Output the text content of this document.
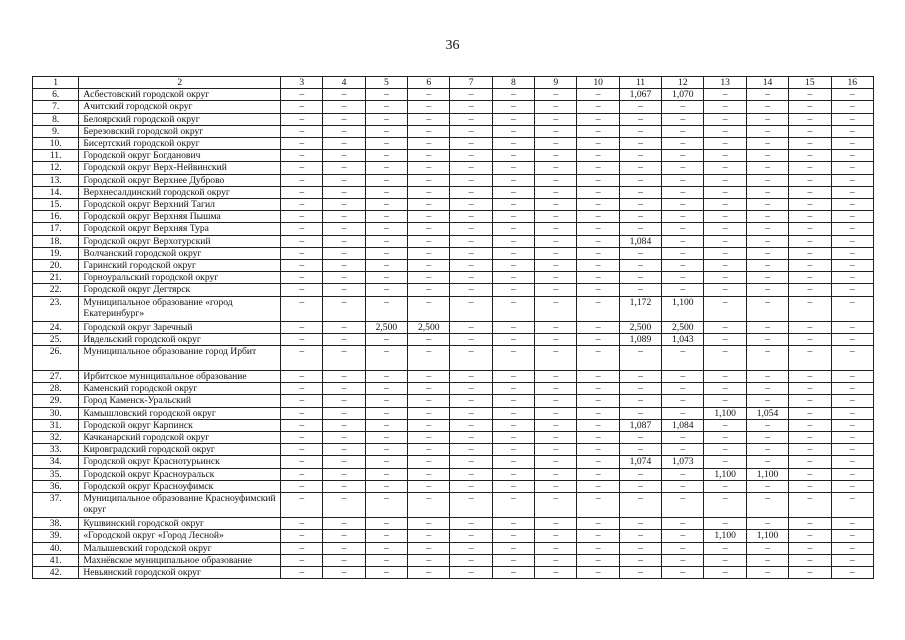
36
1	2	3	4	5	6	7	8	9	10	11	12	13	14	15	16
6.	Асбестовский городской округ	–	–	–	–	–	–	–	–	1,067	1,070	–	–	–	–
7.	Ачитский городской округ	–	–	–	–	–	–	–	–	–	–	–	–	–	–
8.	Белоярский городской округ	–	–	–	–	–	–	–	–	–	–	–	–	–	–
9.	Березовский городской округ	–	–	–	–	–	–	–	–	–	–	–	–	–	–
10.	Бисертский городской округ	–	–	–	–	–	–	–	–	–	–	–	–	–	–
11.	Городской округ Богданович	–	–	–	–	–	–	–	–	–	–	–	–	–	–
12.	Городской округ Верх-Нейвинский	–	–	–	–	–	–	–	–	–	–	–	–	–	–
13.	Городской округ Верхнее Дуброво	–	–	–	–	–	–	–	–	–	–	–	–	–	–
14.	Верхнесалдинский городской округ	–	–	–	–	–	–	–	–	–	–	–	–	–	–
15.	Городской округ Верхний Тагил	–	–	–	–	–	–	–	–	–	–	–	–	–	–
16.	Городской округ Верхняя Пышма	–	–	–	–	–	–	–	–	–	–	–	–	–	–
17.	Городской округ Верхняя Тура	–	–	–	–	–	–	–	–	–	–	–	–	–	–
18.	Городской округ Верхотурский	–	–	–	–	–	–	–	–	1,084	–	–	–	–	–
19.	Волчанский городской округ	–	–	–	–	–	–	–	–	–	–	–	–	–	–
20.	Гаринский городской округ	–	–	–	–	–	–	–	–	–	–	–	–	–	–
21.	Горноуральский городской округ	–	–	–	–	–	–	–	–	–	–	–	–	–	–
22.	Городской округ Дегтярск	–	–	–	–	–	–	–	–	–	–	–	–	–	–
23.	Муниципальное образование «город Екатеринбург»	–	–	–	–	–	–	–	–	1,172	1,100	–	–	–	–
24.	Городской округ Заречный	–	–	2,500	2,500	–	–	–	–	2,500	2,500	–	–	–	–
25.	Ивдельский городской округ	–	–	–	–	–	–	–	–	1,089	1,043	–	–	–	–
26.	Муниципальное образование город Ирбит	–	–	–	–	–	–	–	–	–	–	–	–	–	–
27.	Ирбитское муниципальное образование	–	–	–	–	–	–	–	–	–	–	–	–	–	–
28.	Каменский городской округ	–	–	–	–	–	–	–	–	–	–	–	–	–	–
29.	Город Каменск-Уральский	–	–	–	–	–	–	–	–	–	–	–	–	–	–
30.	Камышловский городской округ	–	–	–	–	–	–	–	–	–	–	1,100	1,054	–	–
31.	Городской округ Карпинск	–	–	–	–	–	–	–	–	1,087	1,084	–	–	–	–
32.	Качканарский городской округ	–	–	–	–	–	–	–	–	–	–	–	–	–	–
33.	Кировградский городской округ	–	–	–	–	–	–	–	–	–	–	–	–	–	–
34.	Городской округ Краснотурьинск	–	–	–	–	–	–	–	–	1,074	1,073	–	–	–	–
35.	Городской округ Красноуральск	–	–	–	–	–	–	–	–	–	–	1,100	1,100	–	–
36.	Городской округ Красноуфимск	–	–	–	–	–	–	–	–	–	–	–	–	–	–
37.	Муниципальное образование Красноуфимский округ	–	–	–	–	–	–	–	–	–	–	–	–	–	–
38.	Кушвинский городской округ	–	–	–	–	–	–	–	–	–	–	–	–	–	–
39.	«Городской округ «Город Лесной»	–	–	–	–	–	–	–	–	–	–	1,100	1,100	–	–
40.	Малышевский городской округ	–	–	–	–	–	–	–	–	–	–	–	–	–	–
41.	Махнёвское муниципальное образование	–	–	–	–	–	–	–	–	–	–	–	–	–	–
42.	Невьянский городской округ	–	–	–	–	–	–	–	–	–	–	–	–	–	–
